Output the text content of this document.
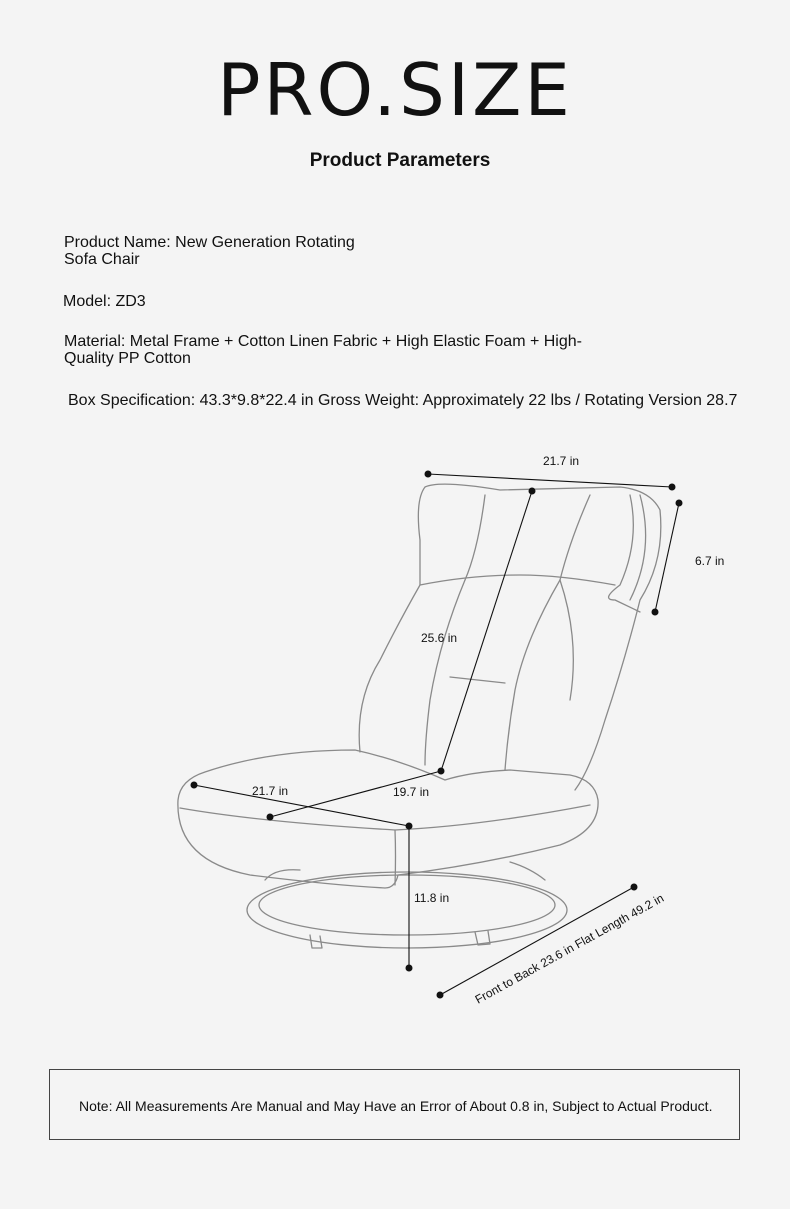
PRO.SIZE
Product Parameters
Product Name: New Generation Rotating Sofa Chair
Model: ZD3
Material: Metal Frame + Cotton Linen Fabric + High Elastic Foam + High-Quality PP Cotton
Box Specification: 43.3*9.8*22.4 in Gross Weight: Approximately 22 lbs / Rotating Version 28.7
21.7 in
6.7 in
25.6 in
21.7 in	19.7 in
11.8 in Front to Back 23.6 in Flat Length 49.2 in
Note: All Measurements Are Manual and May Have an Error of About 0.8 in, Subject to Actual Product.
